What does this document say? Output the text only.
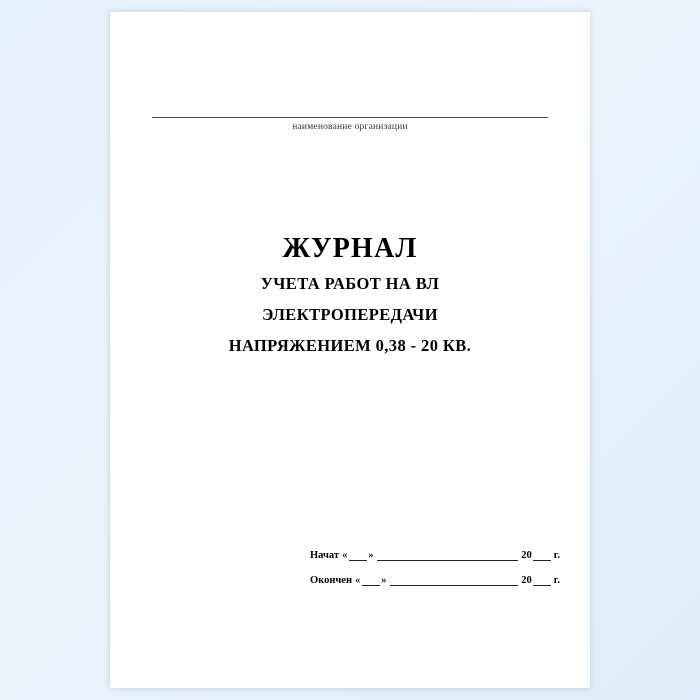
наименование организации
ЖУРНАЛ
УЧЕТА РАБОТ НА ВЛ
ЭЛЕКТРОПЕРЕДАЧИ
НАПРЯЖЕНИЕМ 0,38 - 20 КВ.
Начат « »	20 г.
Окончен « »	20 г.
